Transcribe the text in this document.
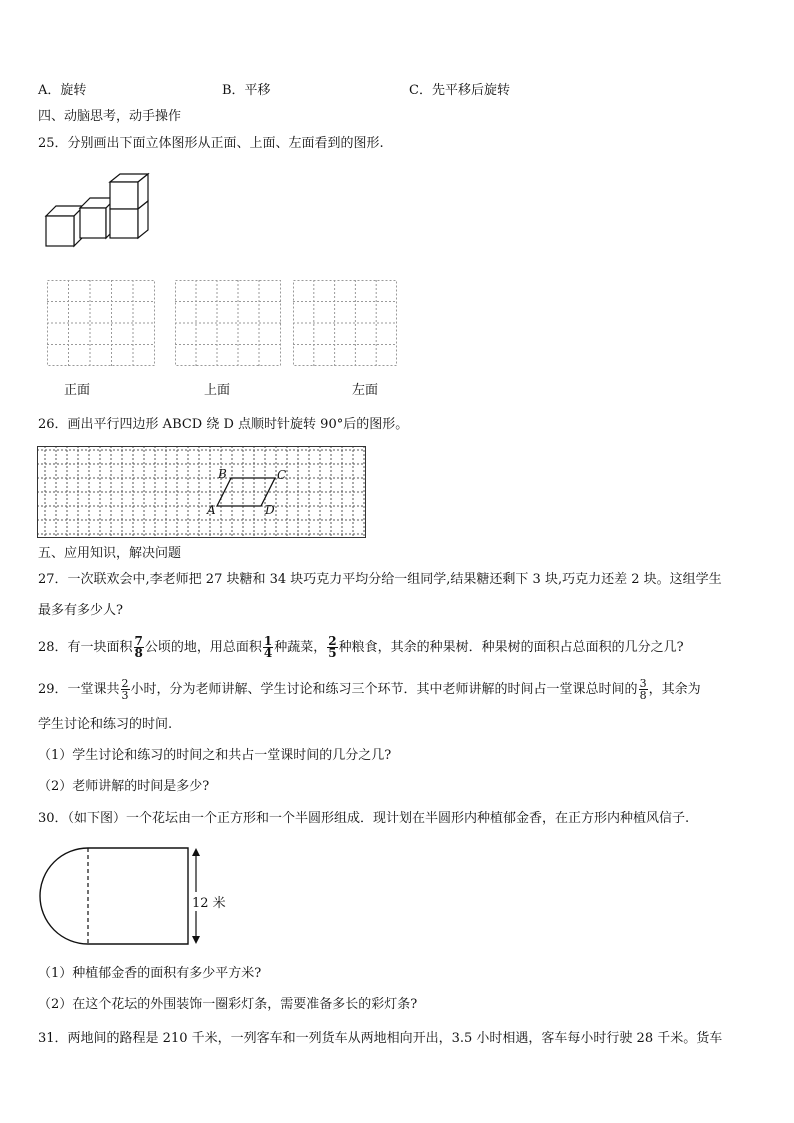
A．旋转	B．平移	C．先平移后旋转
四、动脑思考，动手操作
25．分别画出下面立体图形从正面、上面、左面看到的图形.
正面	上面	左面
26．画出平行四边形 ABCD 绕 D 点顺时针旋转 90°后的图形。
B	C
A	D
五、应用知识，解决问题
27．一次联欢会中,李老师把 27 块糖和 34 块巧克力平均分给一组同学,结果糖还剩下 3 块,巧克力还差 2 块。这组学生
最多有多少人?
28．有一块面积 $\frac{7}{8}$ 公顷的地，用总面积 $\frac{1}{4}$ 种蔬菜， $\frac{2}{5}$ 种粮食，其余的种果树．种果树的面积占总面积的几分之几?
29．一堂课共 $\frac{2}{3}$ 小时，分为老师讲解、学生讨论和练习三个环节．其中老师讲解的时间占一堂课总时间的 $\frac{3}{8}$ ，其余为
学生讨论和练习的时间.
（1）学生讨论和练习的时间之和共占一堂课时间的几分之几?
（2）老师讲解的时间是多少?
30．（如下图）一个花坛由一个正方形和一个半圆形组成．现计划在半圆形内种植郁金香，在正方形内种植风信子.
12 米
（1）种植郁金香的面积有多少平方米?
（2）在这个花坛的外围装饰一圈彩灯条，需要准备多长的彩灯条?
31．两地间的路程是 210 千米，一列客车和一列货车从两地相向开出，3.5 小时相遇，客车每小时行驶 28 千米。货车
